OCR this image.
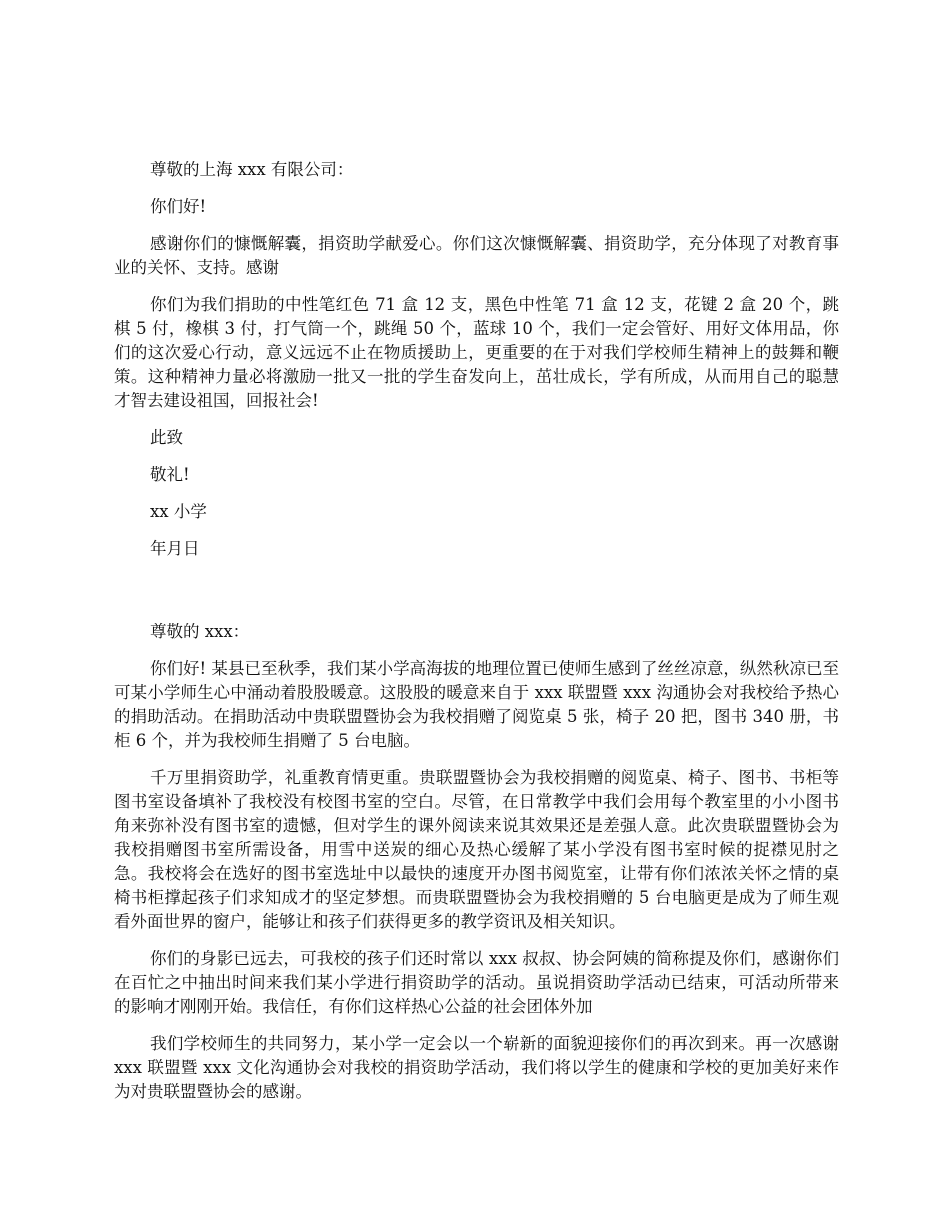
尊敬的上海 xxx 有限公司：

你们好!

感谢你们的慷慨解囊，捐资助学献爱心。你们这次慷慨解囊、捐资助学，充分体现了对教育事业的关怀、支持。感谢

你们为我们捐助的中性笔红色 71 盒 12 支，黑色中性笔 71 盒 12 支，花键 2 盒 20 个，跳棋 5 付，橡棋 3 付，打气筒一个，跳绳 50 个，蓝球 10 个，我们一定会管好、用好文体用品，你们的这次爱心行动，意义远远不止在物质援助上，更重要的在于对我们学校师生精神上的鼓舞和鞭策。这种精神力量必将激励一批又一批的学生奋发向上，茁壮成长，学有所成，从而用自己的聪慧才智去建设祖国，回报社会!

此致

敬礼!

xx 小学

年月日

尊敬的 xxx：

你们好! 某县已至秋季，我们某小学高海拔的地理位置已使师生感到了丝丝凉意，纵然秋凉已至可某小学师生心中涌动着股股暖意。这股股的暖意来自于 xxx 联盟暨 xxx 沟通协会对我校给予热心的捐助活动。在捐助活动中贵联盟暨协会为我校捐赠了阅览桌 5 张，椅子 20 把，图书 340 册，书柜 6 个，并为我校师生捐赠了 5 台电脑。

千万里捐资助学，礼重教育情更重。贵联盟暨协会为我校捐赠的阅览桌、椅子、图书、书柜等图书室设备填补了我校没有校图书室的空白。尽管，在日常教学中我们会用每个教室里的小小图书角来弥补没有图书室的遗憾，但对学生的课外阅读来说其效果还是差强人意。此次贵联盟暨协会为我校捐赠图书室所需设备，用雪中送炭的细心及热心缓解了某小学没有图书室时候的捉襟见肘之急。我校将会在选好的图书室选址中以最快的速度开办图书阅览室，让带有你们浓浓关怀之情的桌椅书柜撑起孩子们求知成才的坚定梦想。而贵联盟暨协会为我校捐赠的 5 台电脑更是成为了师生观看外面世界的窗户，能够让和孩子们获得更多的教学资讯及相关知识。

你们的身影已远去，可我校的孩子们还时常以 xxx 叔叔、协会阿姨的简称提及你们，感谢你们在百忙之中抽出时间来我们某小学进行捐资助学的活动。虽说捐资助学活动已结束，可活动所带来的影响才刚刚开始。我信任，有你们这样热心公益的社会团体外加

我们学校师生的共同努力，某小学一定会以一个崭新的面貌迎接你们的再次到来。再一次感谢 xxx 联盟暨 xxx 文化沟通协会对我校的捐资助学活动，我们将以学生的健康和学校的更加美好来作为对贵联盟暨协会的感谢。
